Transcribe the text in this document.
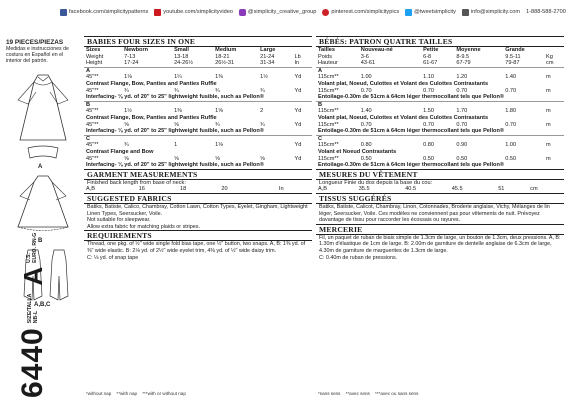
facebook.com/simplicitypatterns	youtube.com/simplicityvideo	@simplicity_creative_group	pinterest.com/simplicitypics	@tweetsimplicity	info@simplicity.com 1-888-588-2700
19 PIECES/PIEZAS
Medidas e instrucciones de costura en Español en el interior del patrón.
A
B
A,B,C
6440
SIZE/TALLA
NB-L
A
U.S.
EURO. RN-G
BABIES FOUR SIZES IN ONE
Sizes	Newborn	Small	Medium	Large	
Weight	7-13	13-18	18-21	21-24	Lb
Height	17-24	24-26½	26½-31	31-34	In
A					
45"**	1⅛	1¼	1⅜	1½	Yd
Contrast Flange, Bow, Panties and Panties Ruffle					
45"**	¾	¾	¾	¾	Yd
Interfacing- ⅛ yd. of 20" to 25" lightweight fusible, such as Pellon®					
B					
45"**	1½	1⅜	1⅝	2	Yd
Contrast Flange, Bow, Panties and Panties Ruffle					
45"**	⅝	⅝	¾	¾	Yd
Interfacing- ⅛ yd. of 20" to 25" lightweight fusible, such as Pellon®					
C					
45"**	¾	1	1⅛		Yd
Contrast Flange and Bow					
45"**	⅝	⅝	⅝	⅝	Yd
Interfacing- ⅛ yd. of 20" to 25" lightweight fusible, such as Pellon®					
GARMENT MEASUREMENTS
Finished back length from base of neck:
A,B	16	18	20		In
SUGGESTED FABRICS
Batiks, Batiste, Calico, Chambray, Cotton Lawn, Cotton Types, Eyelet, Gingham, Lightweight Linen Types, Seersucker, Voile.
Not suitable for sleepwear.
Allow extra fabric for matching plaids or stripes.
REQUIREMENTS
Thread, one pkg. of ½" wide single fold bias tape, one ½" button, two snaps. A, B: 1⅜ yd. of ⅜" wide elastic. B: 2⅛ yd. of 2½" wide eyelet trim, 4⅜ yd. of ½" wide daisy trim.
C: ⅛ yd. of snap tape
BÉBÉS: PATRON QUATRE TAILLES
Tailles	Nouveau-né	Petite	Moyenne	Grande	
Poids	3-6	6-8	8-9.5	9.5-11	Kg
Hauteur	43-61	61-67	67-79	79-87	cm
A					
115cm**	1.00	1.10	1.20	1.40	m
Volant plat, Noeud, Culottes et Volant des Culottes Contrastants					
115cm**	0.70	0.70	0.70	0.70	m
Entoilage-0.30m de 51cm à 64cm léger thermocollant tels que Pellon®					
B					
115cm**	1.40	1.50	1.70	1.80	m
Volant plat, Noeud, Culottes et Volant des Culottes Contrastants					
115cm**	0.70	0.70	0.70	0.70	m
Entoilage-0.30m de 51cm à 64cm léger thermocollant tels que Pellon®					
C					
115cm**	0.80	0.80	0.90	1.00	m
Volant et Noeud Contrastants					
115cm**	0.50	0.50	0.50	0.50	m
Entoilage-0.30m de 51cm à 64cm léger thermocollant tels que Pellon®					
MESURES DU VÊTEMENT
Longueur Finie du dos depuis la base du cou:
A,B	35.5	40.5	45.5	51	cm
TISSUS SUGGÉRÉS
Batiks, Batiste, Calicot, Chambray, Linon, Cotonnades, Broderie anglaise, Vichy, Mélanges de lin léger, Seersucker, Voile. Ces modèles ne conviennent pas pour vêtements de nuit. Prévoyez davantage de tissu pour raccorder les écossais ou rayures.
MERCERIE
Fil, un paquet de ruban de biais simple de 1.3cm de large, un bouton de 1.3cm, deux pressions. A, B: 1.30m d'élastique de 1cm de large. B: 2.00m de garniture de dentelle anglaise de 6.3cm de large, 4.30m de garniture de marguerites de 1.3cm de large.
C: 0.40m de ruban de pressions.
*without nap **with nap ***with or without nap	*sans sens **avec sens ***avec ou sans sens
